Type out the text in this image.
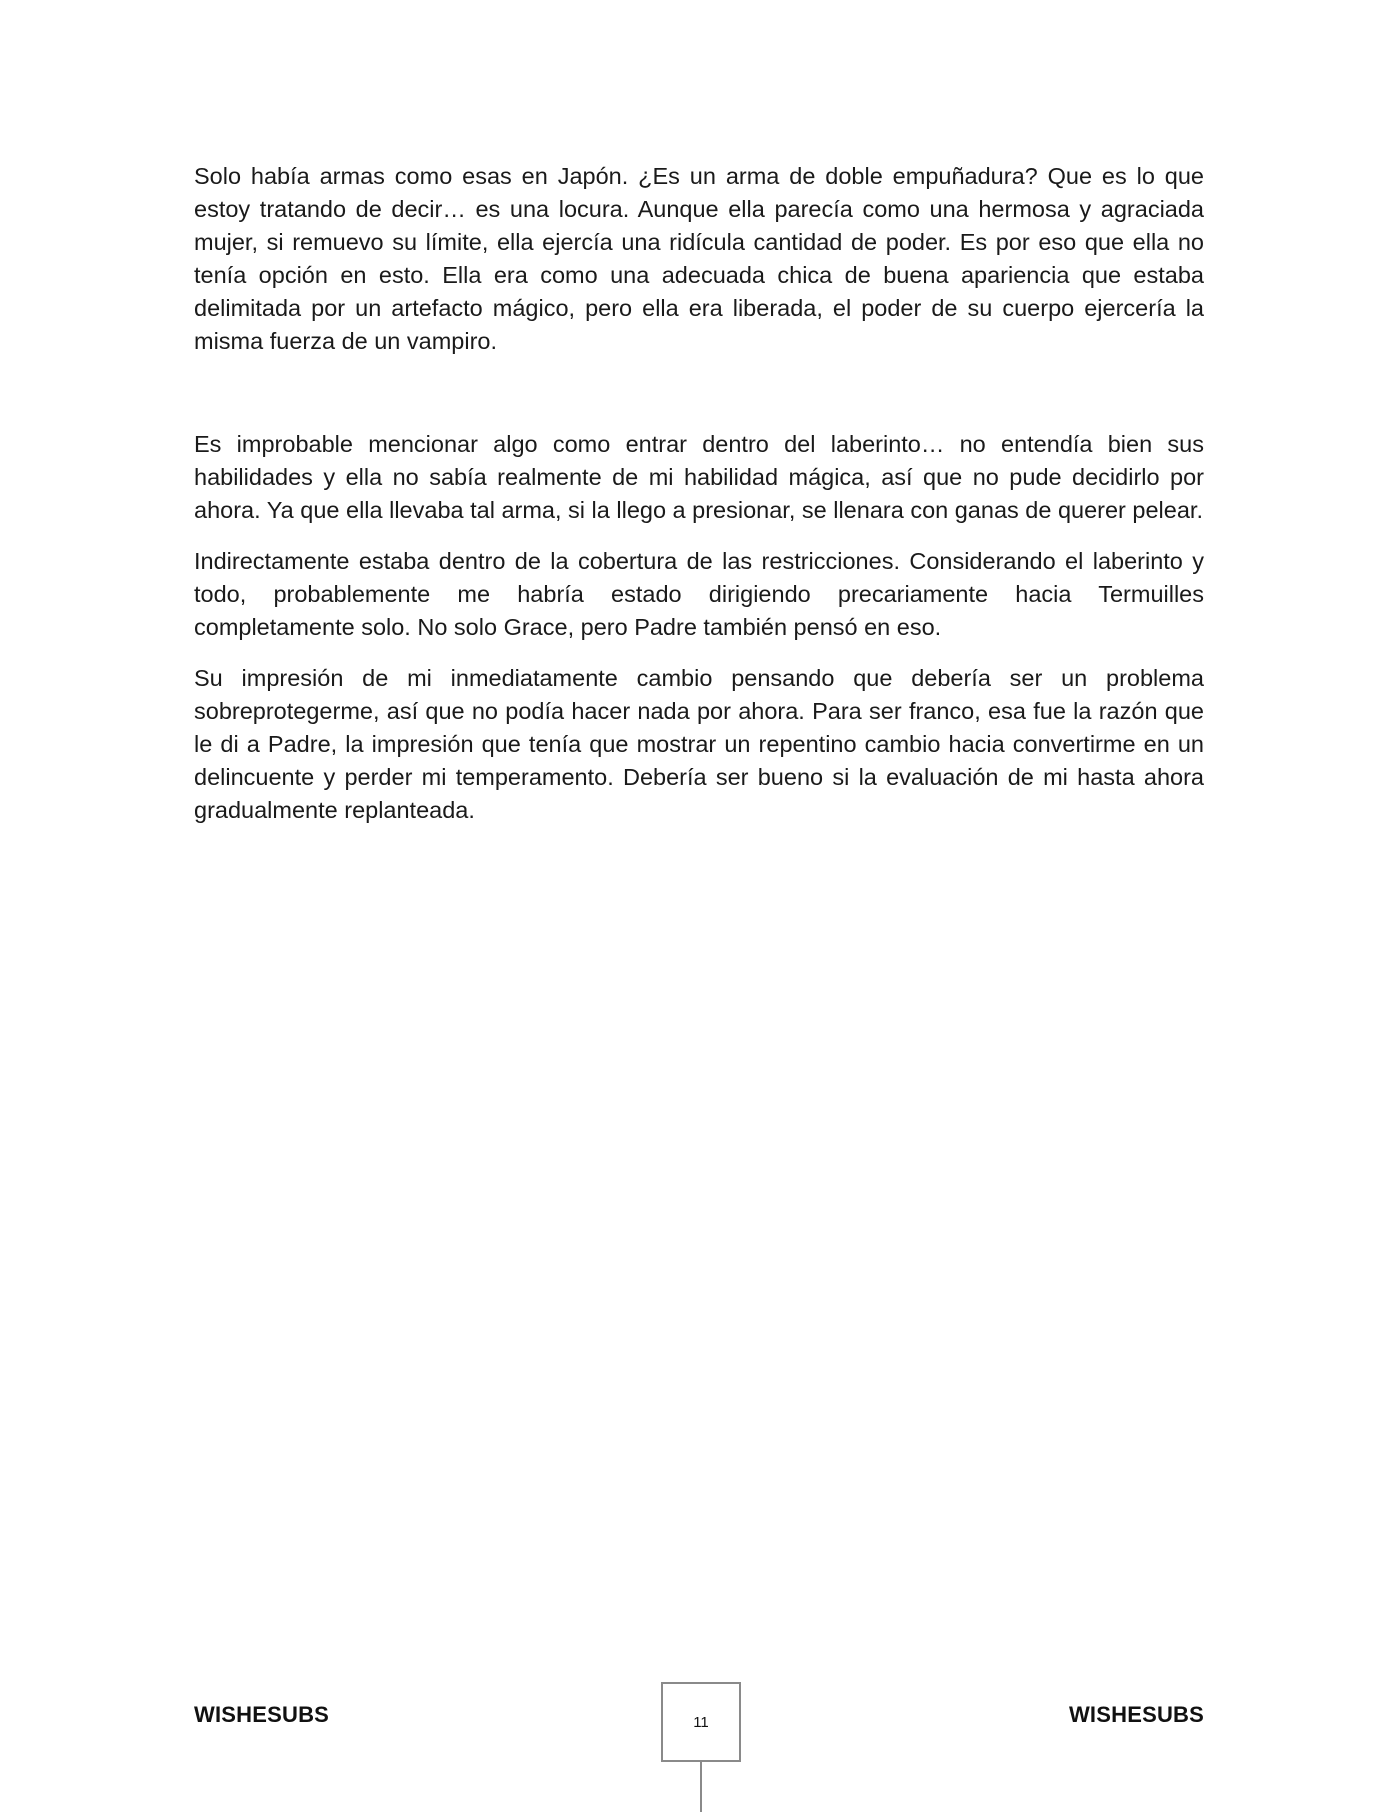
Solo había armas como esas en Japón. ¿Es un arma de doble empuñadura? Que es lo que estoy tratando de decir… es una locura. Aunque ella parecía como una hermosa y agraciada mujer, si remuevo su límite, ella ejercía una ridícula cantidad de poder. Es por eso que ella no tenía opción en esto. Ella era como una adecuada chica de buena apariencia que estaba delimitada por un artefacto mágico, pero ella era liberada, el poder de su cuerpo ejercería la misma fuerza de un vampiro.

Es improbable mencionar algo como entrar dentro del laberinto… no entendía bien sus habilidades y ella no sabía realmente de mi habilidad mágica, así que no pude decidirlo por ahora. Ya que ella llevaba tal arma, si la llego a presionar, se llenara con ganas de querer pelear.

Indirectamente estaba dentro de la cobertura de las restricciones. Considerando el laberinto y todo, probablemente me habría estado dirigiendo precariamente hacia Termuilles completamente solo. No solo Grace, pero Padre también pensó en eso.

Su impresión de mi inmediatamente cambio pensando que debería ser un problema sobreprotegerme, así que no podía hacer nada por ahora. Para ser franco, esa fue la razón que le di a Padre, la impresión que tenía que mostrar un repentino cambio hacia convertirme en un delincuente y perder mi temperamento. Debería ser bueno si la evaluación de mi hasta ahora gradualmente replanteada.

WISHESUBS	11	WISHESUBS
